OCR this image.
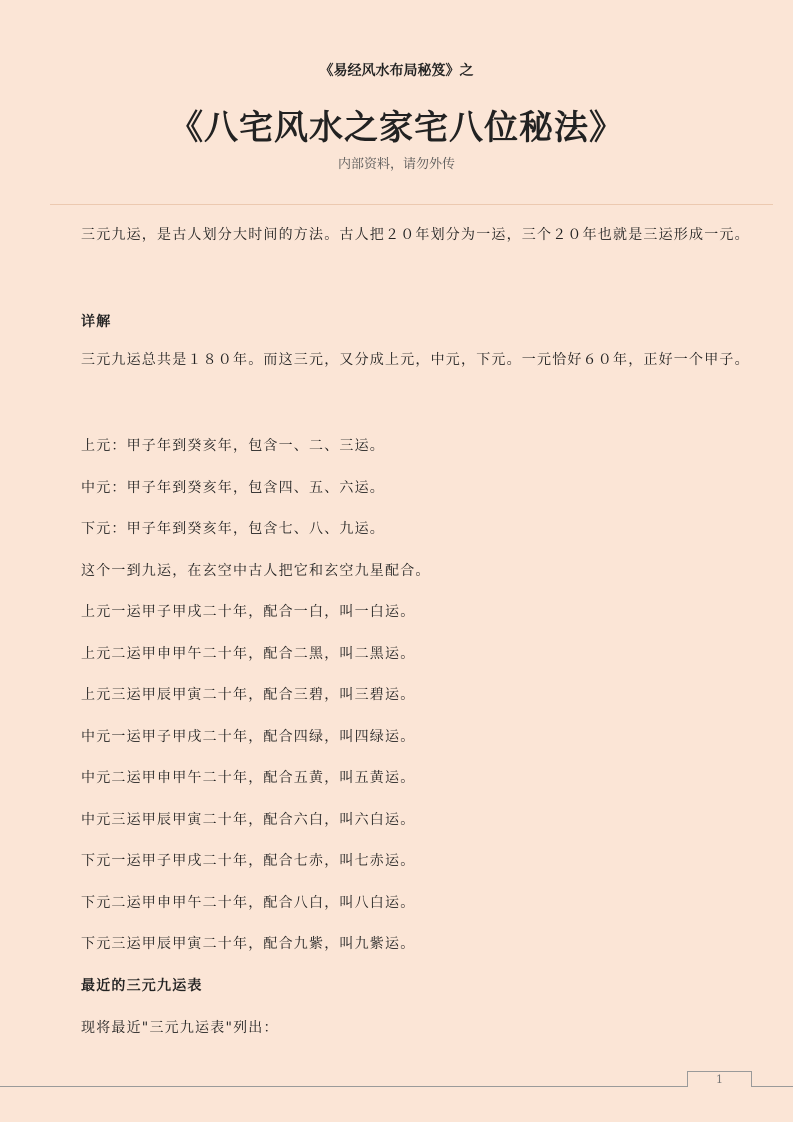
《易经风水布局秘笈》之
《八宅风水之家宅八位秘法》
内部资料，请勿外传
三元九运，是古人划分大时间的方法。古人把２０年划分为一运，三个２０年也就是三运形成一元。
详解
三元九运总共是１８０年。而这三元，又分成上元，中元，下元。一元恰好６０年，正好一个甲子。
上元：甲子年到癸亥年，包含一、二、三运。
中元：甲子年到癸亥年，包含四、五、六运。
下元：甲子年到癸亥年，包含七、八、九运。
这个一到九运，在玄空中古人把它和玄空九星配合。
上元一运甲子甲戌二十年，配合一白，叫一白运。
上元二运甲申甲午二十年，配合二黑，叫二黑运。
上元三运甲辰甲寅二十年，配合三碧，叫三碧运。
中元一运甲子甲戌二十年，配合四绿，叫四绿运。
中元二运甲申甲午二十年，配合五黄，叫五黄运。
中元三运甲辰甲寅二十年，配合六白，叫六白运。
下元一运甲子甲戌二十年，配合七赤，叫七赤运。
下元二运甲申甲午二十年，配合八白，叫八白运。
下元三运甲辰甲寅二十年，配合九紫，叫九紫运。
最近的三元九运表
现将最近"三元九运表"列出：
1
